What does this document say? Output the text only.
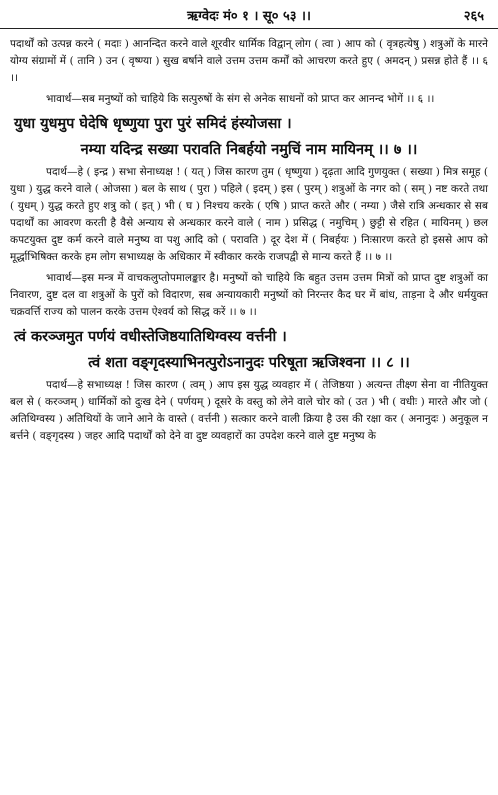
ऋग्वेदः मं० १ । सू० ५३ ।।	२६५

पदार्थों को उत्पन्न करने ( मदाः ) आनन्दित करने वाले शूरवीर धार्मिक विद्वान् लोग ( त्वा ) आप को ( वृत्रहत्येषु ) शत्रुओं के मारने योग्य संग्रामों में ( तानि ) उन ( वृष्ण्या ) सुख बर्षाने वाले उत्तम उत्तम कर्मों को आचरण करते हुए ( अमदन् ) प्रसन्न होते हैं ।। ६ ।।

भावार्थ—सब मनुष्यों को चाहिये कि सत्पुरुषों के संग से अनेक साधनों को प्राप्त कर आनन्द भोगें ।। ६ ।।

युधा युधमुप घेदेषि धृष्णुया पुरा पुरं समिदं हंस्योजसा ।
नम्या यदिन्द्र सख्या परावति निबर्हयो नमुचिं नाम मायिनम् ।। ७ ।।

पदार्थ—हे ( इन्द्र ) सभा सेनाध्यक्ष ! ( यत् ) जिस कारण तुम ( धृष्णुया ) दृढ़ता आदि गुणयुक्त ( सख्या ) मित्र समूह ( युधा ) युद्ध करने वाले ( ओजसा ) बल के साथ ( पुरा ) पहिले ( इदम् ) इस ( पुरम् ) शत्रुओं के नगर को ( सम् ) नष्ट करते तथा ( युधम् ) युद्ध करते हुए शत्रु को ( इत् ) भी ( घ ) निश्चय करके ( एषि ) प्राप्त करते और ( नम्या ) जैसे रात्रि अन्धकार से सब पदार्थों का आवरण करती है वैसे अन्याय से अन्धकार करने वाले ( नाम ) प्रसिद्ध ( नमुचिम् ) छुट्टी से रहित ( मायिनम् ) छल कपटयुक्त दुष्ट कर्म करने वाले मनुष्य वा पशु आदि को ( परावति ) दूर देश में ( निबर्हयः ) निःसारण करते हो इससे आप को मूर्द्धाभिषिक्त करके हम लोग सभाध्यक्ष के अधिकार में स्वीकार करके राजपद्वी से मान्य करते हैं ।। ७ ।।

भावार्थ—इस मन्त्र में वाचकलुप्तोपमालङ्कार है। मनुष्यों को चाहिये कि बहुत उत्तम उत्तम मित्रों को प्राप्त दुष्ट शत्रुओं का निवारण, दुष्ट दल वा शत्रुओं के पुरों को विदारण, सब अन्यायकारी मनुष्यों को निरन्तर कैद घर में बांध, ताड़ना दे और धर्मयुक्त चक्रवर्त्ति राज्य को पालन करके उत्तम ऐश्वर्य को सिद्ध करें ।। ७ ।।

त्वं करञ्जमुत पर्णयं वधीस्तेजिष्ठयातिथिग्वस्य वर्त्तनी ।
त्वं शता वङ्गृदस्याभिनत्पुरोऽनानुदः परिषूता ऋजिश्वना ।। ८ ।।

पदार्थ—हे सभाध्यक्ष ! जिस कारण ( त्वम् ) आप इस युद्ध व्यवहार में ( तेजिष्ठया ) अत्यन्त तीक्ष्ण सेना वा नीतियुक्त बल से ( करञ्जम् ) धार्मिकों को दुःख देने ( पर्णयम् ) दूसरे के वस्तु को लेने वाले चोर को ( उत ) भी ( वधीः ) मारते और जो ( अतिथिग्वस्य ) अतिथियों के जाने आने के वास्ते ( वर्त्तनी ) सत्कार करने वाली क्रिया है उस की रक्षा कर ( अनानुदः ) अनुकूल न बर्त्तने ( वङ्गृदस्य ) जहर आदि पदार्थों को देने वा दुष्ट व्यवहारों का उपदेश करने वाले दुष्ट मनुष्य के
